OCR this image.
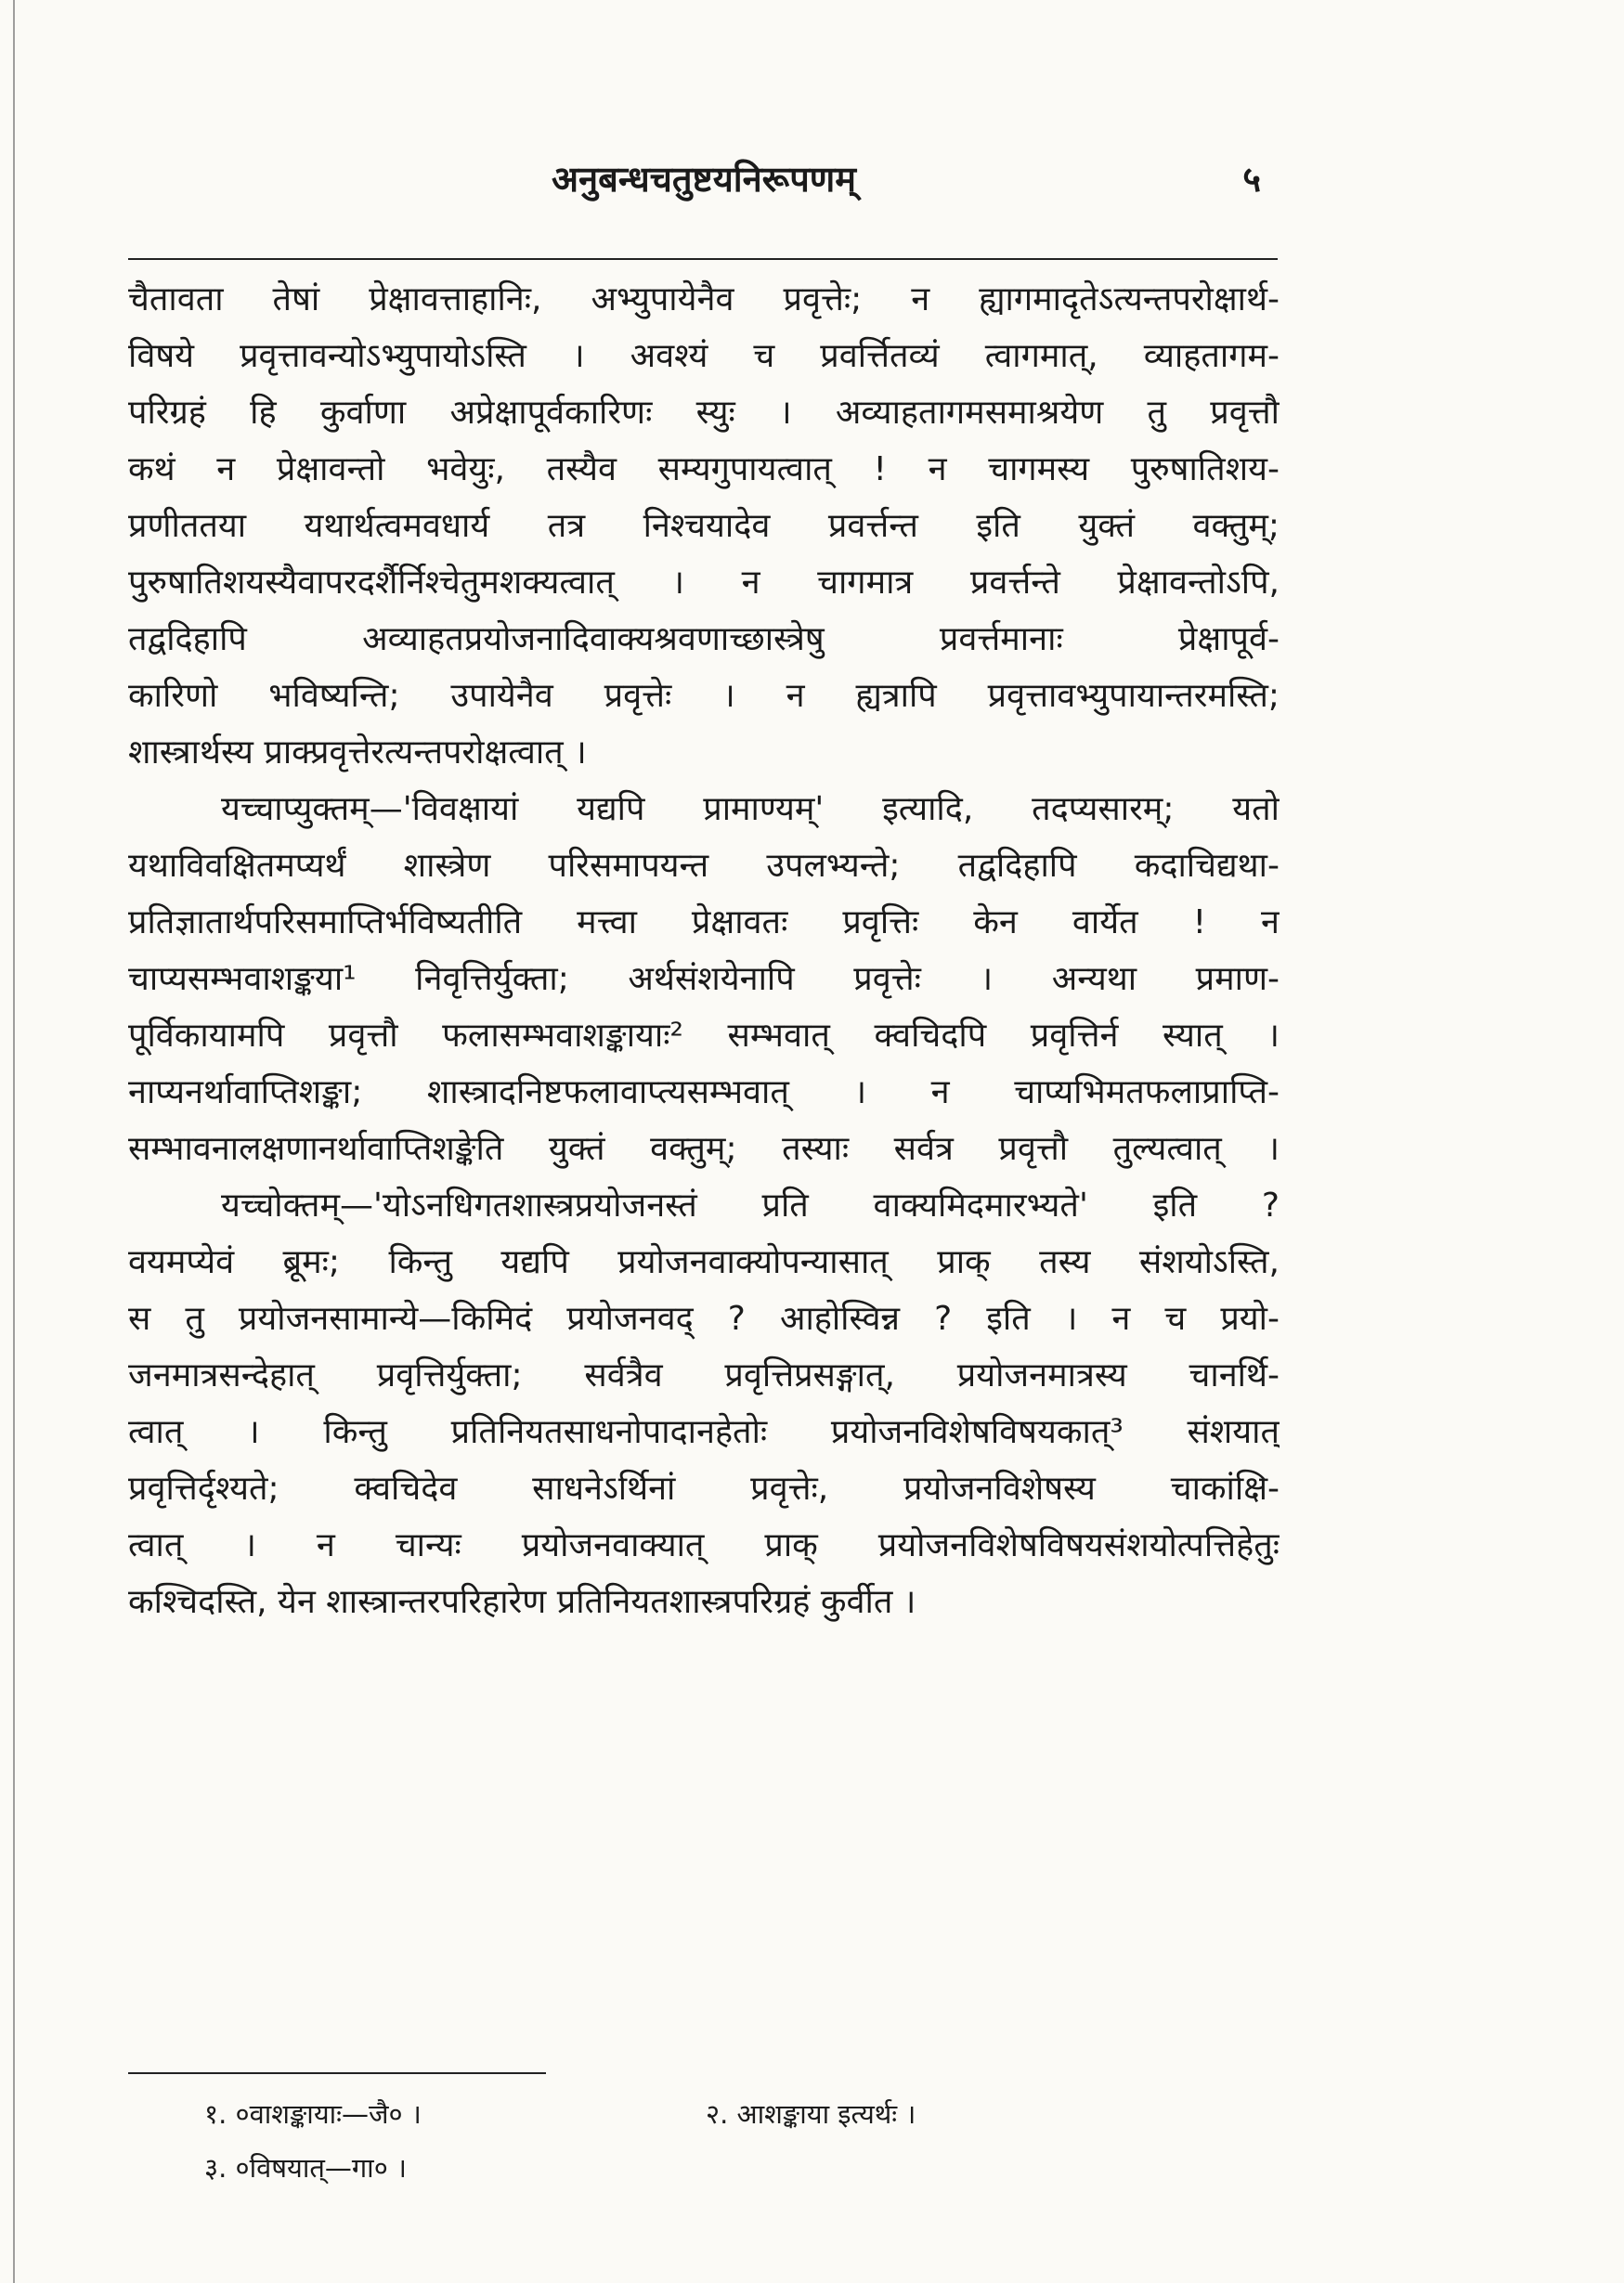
अनुबन्धचतुष्टयनिरूपणम्	५
चैतावता तेषां प्रेक्षावत्ताहानिः, अभ्युपायेनैव प्रवृत्तेः; न ह्यागमादृतेऽत्यन्तपरोक्षार्थ-
विषये प्रवृत्तावन्योऽभ्युपायोऽस्ति । अवश्यं च प्रवर्त्तितव्यं त्वागमात्, व्याहतागम-
परिग्रहं हि कुर्वाणा अप्रेक्षापूर्वकारिणः स्युः । अव्याहतागमसमाश्रयेण तु प्रवृत्तौ
कथं न प्रेक्षावन्तो भवेयुः, तस्यैव सम्यगुपायत्वात् ! न चागमस्य पुरुषातिशय-
प्रणीततया यथार्थत्वमवधार्य तत्र निश्चयादेव प्रवर्त्तन्त इति युक्तं वक्तुम्;
पुरुषातिशयस्यैवापरदर्शैर्निश्चेतुमशक्यत्वात् । न चागमात्र प्रवर्त्तन्ते प्रेक्षावन्तोऽपि,
तद्वदिहापि अव्याहतप्रयोजनादिवाक्यश्रवणाच्छास्त्रेषु प्रवर्त्तमानाः प्रेक्षापूर्व-
कारिणो भविष्यन्ति; उपायेनैव प्रवृत्तेः । न ह्यत्रापि प्रवृत्तावभ्युपायान्तरमस्ति;
शास्त्रार्थस्य प्राक्प्रवृत्तेरत्यन्तपरोक्षत्वात् ।
यच्चाप्युक्तम्—'विवक्षायां यद्यपि प्रामाण्यम्' इत्यादि, तदप्यसारम्; यतो
यथाविवक्षितमप्यर्थं शास्त्रेण परिसमापयन्त उपलभ्यन्ते; तद्वदिहापि कदाचिद्यथा-
प्रतिज्ञातार्थपरिसमाप्तिर्भविष्यतीति मत्त्वा प्रेक्षावतः प्रवृत्तिः केन वार्येत ! न
चाप्यसम्भवाशङ्कया¹ निवृत्तिर्युक्ता; अर्थसंशयेनापि प्रवृत्तेः । अन्यथा प्रमाण-
पूर्विकायामपि प्रवृत्तौ फलासम्भवाशङ्कायाः² सम्भवात् क्वचिदपि प्रवृत्तिर्न स्यात् ।
नाप्यनर्थावाप्तिशङ्का; शास्त्रादनिष्टफलावाप्त्यसम्भवात् । न चाप्यभिमतफलाप्राप्ति-
सम्भावनालक्षणानर्थावाप्तिशङ्केति युक्तं वक्तुम्; तस्याः सर्वत्र प्रवृत्तौ तुल्यत्वात् ।
यच्चोक्तम्—'योऽनधिगतशास्त्रप्रयोजनस्तं प्रति वाक्यमिदमारभ्यते' इति ?
वयमप्येवं ब्रूमः; किन्तु यद्यपि प्रयोजनवाक्योपन्यासात् प्राक् तस्य संशयोऽस्ति,
स तु प्रयोजनसामान्ये—किमिदं प्रयोजनवद् ? आहोस्विन्न ? इति । न च प्रयो-
जनमात्रसन्देहात् प्रवृत्तिर्युक्ता; सर्वत्रैव प्रवृत्तिप्रसङ्गात्, प्रयोजनमात्रस्य चानर्थि-
त्वात् । किन्तु प्रतिनियतसाधनोपादानहेतोः प्रयोजनविशेषविषयकात्³ संशयात्
प्रवृत्तिर्दृश्यते; क्वचिदेव साधनेऽर्थिनां प्रवृत्तेः, प्रयोजनविशेषस्य चाकांक्षि-
त्वात् । न चान्यः प्रयोजनवाक्यात् प्राक् प्रयोजनविशेषविषयसंशयोत्पत्तिहेतुः
कश्चिदस्ति, येन शास्त्रान्तरपरिहारेण प्रतिनियतशास्त्रपरिग्रहं कुर्वीत ।
१. ०वाशङ्कायाः—जै० ।	२. आशङ्काया इत्यर्थः ।
३. ०विषयात्—गा० ।
